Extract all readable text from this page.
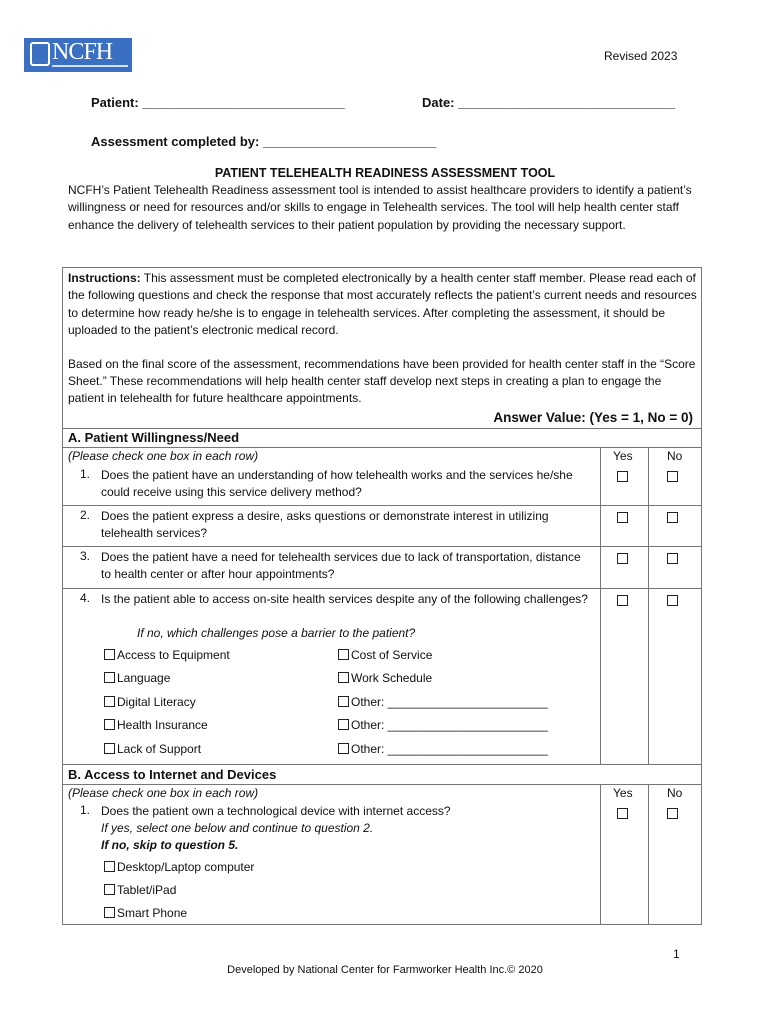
NCFH	Revised 2023
Patient: ____________________________	Date: ______________________________
Assessment completed by: ________________________
PATIENT TELEHEALTH READINESS ASSESSMENT TOOL
NCFH’s Patient Telehealth Readiness assessment tool is intended to assist healthcare providers to identify a patient’s willingness or need for resources and/or skills to engage in Telehealth services. The tool will help health center staff enhance the delivery of telehealth services to their patient population by providing the necessary support.

Instructions: This assessment must be completed electronically by a health center staff member. Please read each of the following questions and check the response that most accurately reflects the patient’s current needs and resources to determine how ready he/she is to engage in telehealth services. After completing the assessment, it should be uploaded to the patient’s electronic medical record.

Based on the final score of the assessment, recommendations have been provided for health center staff in the “Score Sheet.” These recommendations will help health center staff develop next steps in creating a plan to engage the patient in telehealth for future healthcare appointments.

Answer Value: (Yes = 1, No = 0)
A. Patient Willingness/Need
(Please check one box in each row)	Yes	No
1. Does the patient have an understanding of how telehealth works and the services he/she could receive using this service delivery method?
2. Does the patient express a desire, asks questions or demonstrate interest in utilizing telehealth services?
3. Does the patient have a need for telehealth services due to lack of transportation, distance to health center or after hour appointments?
4. Is the patient able to access on-site health services despite any of the following challenges?
If no, which challenges pose a barrier to the patient?
Access to Equipment
Language
Digital Literacy
Health Insurance
Lack of Support
Cost of Service
Work Schedule
Other: ________________________
Other: ________________________
Other: ________________________
B. Access to Internet and Devices
(Please check one box in each row)	Yes	No
1. Does the patient own a technological device with internet access?
If yes, select one below and continue to question 2.
If no, skip to question 5.
Desktop/Laptop computer
Tablet/iPad
Smart Phone
1
Developed by National Center for Farmworker Health Inc.© 2020
